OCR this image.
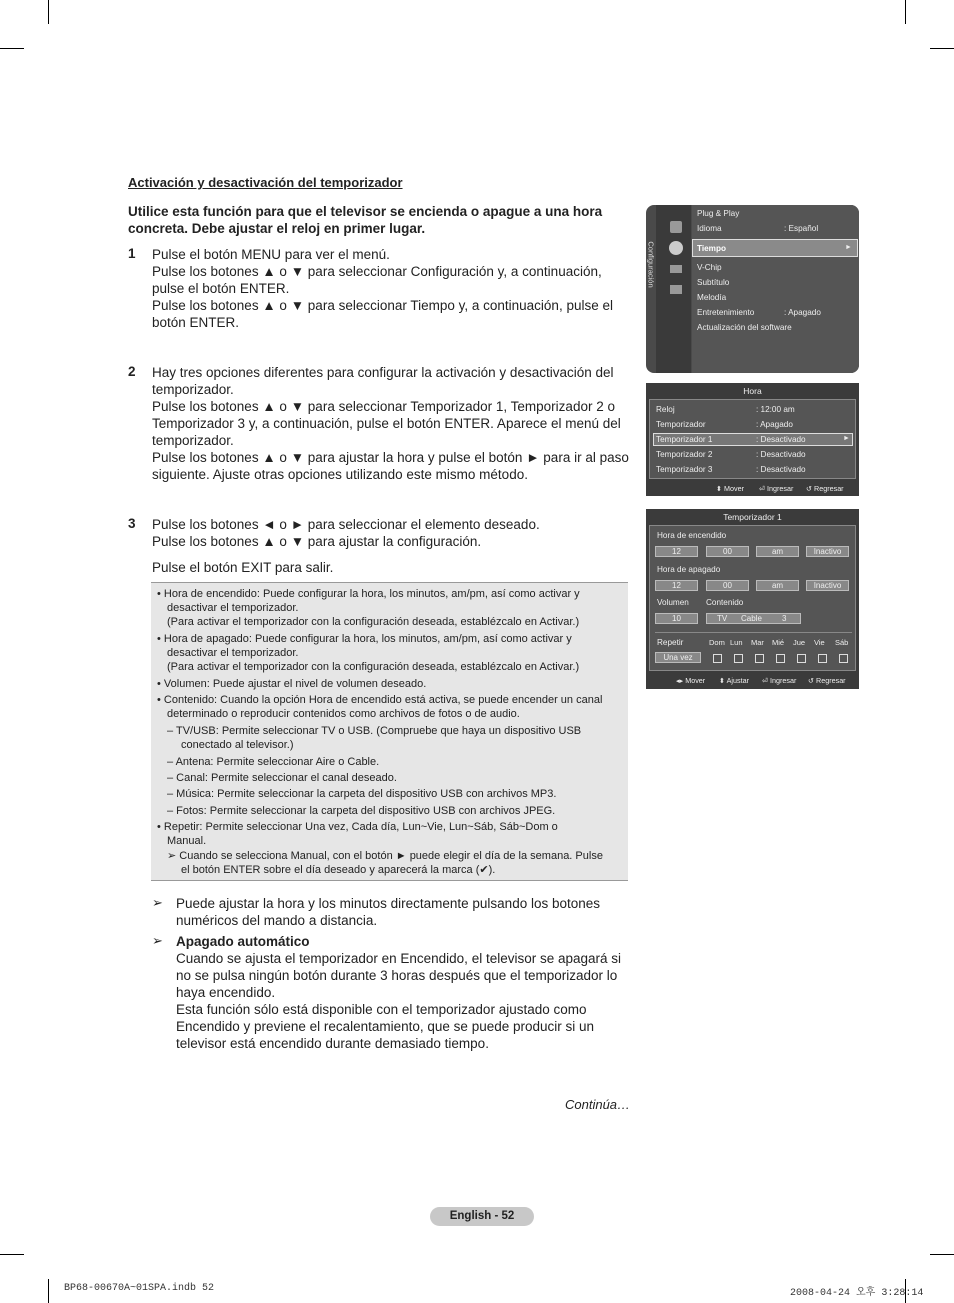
Activación y desactivación del temporizador
Utilice esta función para que el televisor se encienda o apague a una hora concreta. Debe ajustar el reloj en primer lugar.
1 Pulse el botón MENU para ver el menú.

Pulse los botones ▲ o ▼ para seleccionar Configuración y, a continuación,

pulse el botón ENTER.

Pulse los botones ▲ o ▼ para seleccionar Tiempo y, a continuación, pulse el

botón ENTER.

2 Hay tres opciones diferentes para configurar la activación y desactivación del

temporizador.

Pulse los botones ▲ o ▼ para seleccionar Temporizador 1, Temporizador 2 o

Temporizador 3 y, a continuación, pulse el botón ENTER. Aparece el menú del

temporizador.

Pulse los botones ▲ o ▼ para ajustar la hora y pulse el botón ► para ir al paso

siguiente. Ajuste otras opciones utilizando este mismo método.

3 Pulse los botones ◄ o ► para seleccionar el elemento deseado.

Pulse los botones ▲ o ▼ para ajustar la configuración.

Pulse el botón EXIT para salir.

• Hora de encendido: Puede configurar la hora, los minutos, am/pm, así como activar y
desactivar el temporizador.
(Para activar el temporizador con la configuración deseada, establézcalo en Activar.)
• Hora de apagado: Puede configurar la hora, los minutos, am/pm, así como activar y
desactivar el temporizador.
(Para activar el temporizador con la configuración deseada, establézcalo en Activar.)
• Volumen: Puede ajustar el nivel de volumen deseado.
• Contenido: Cuando la opción Hora de encendido está activa, se puede encender un canal
determinado o reproducir contenidos como archivos de fotos o de audio.
– TV/USB: Permite seleccionar TV o USB. (Compruebe que haya un dispositivo USB
conectado al televisor.)
– Antena: Permite seleccionar Aire o Cable.
– Canal: Permite seleccionar el canal deseado.
– Música: Permite seleccionar la carpeta del dispositivo USB con archivos MP3.
– Fotos: Permite seleccionar la carpeta del dispositivo USB con archivos JPEG.
• Repetir: Permite seleccionar Una vez, Cada día, Lun~Vie, Lun~Sáb, Sáb~Dom o
Manual.
➢ Cuando se selecciona Manual, con el botón ► puede elegir el día de la semana. Pulse
el botón ENTER sobre el día deseado y aparecerá la marca (✔).
➢ Puede ajustar la hora y los minutos directamente pulsando los botones
numéricos del mando a distancia.
➢ Apagado automático
Cuando se ajusta el temporizador en Encendido, el televisor se apagará si
no se pulsa ningún botón durante 3 horas después que el temporizador lo
haya encendido.
Esta función sólo está disponible con el temporizador ajustado como
Encendido y previene el recalentamiento, que se puede producir si un
televisor está encendido durante demasiado tiempo.
Continúa…
English - 52
BP68-00670A~01SPA.indb 52	2008-04-24 오후 3:28:14
Configuración
Plug & Play
Idioma	: Español
Tiempo	►
V-Chip
Subtítulo
Melodía
Entretenimiento	: Apagado
Actualización del software
Hora
Reloj	: 12:00 am
Temporizador	: Apagado
Temporizador 1	: Desactivado	►
Temporizador 2	: Desactivado
Temporizador 3	: Desactivado
⬍ Mover ⏎ Ingresar ↺ Regresar
Temporizador 1
Hora de encendido
12	00	am	Inactivo
Hora de apagado
12	00	am	Inactivo
Volumen Contenido
10	TV Cable	3
Repetir
Una vez
Dom Lun Mar Mié Jue Vie Sáb
◂▸ Mover ⬍ Ajustar ⏎ Ingresar ↺ Regresar
